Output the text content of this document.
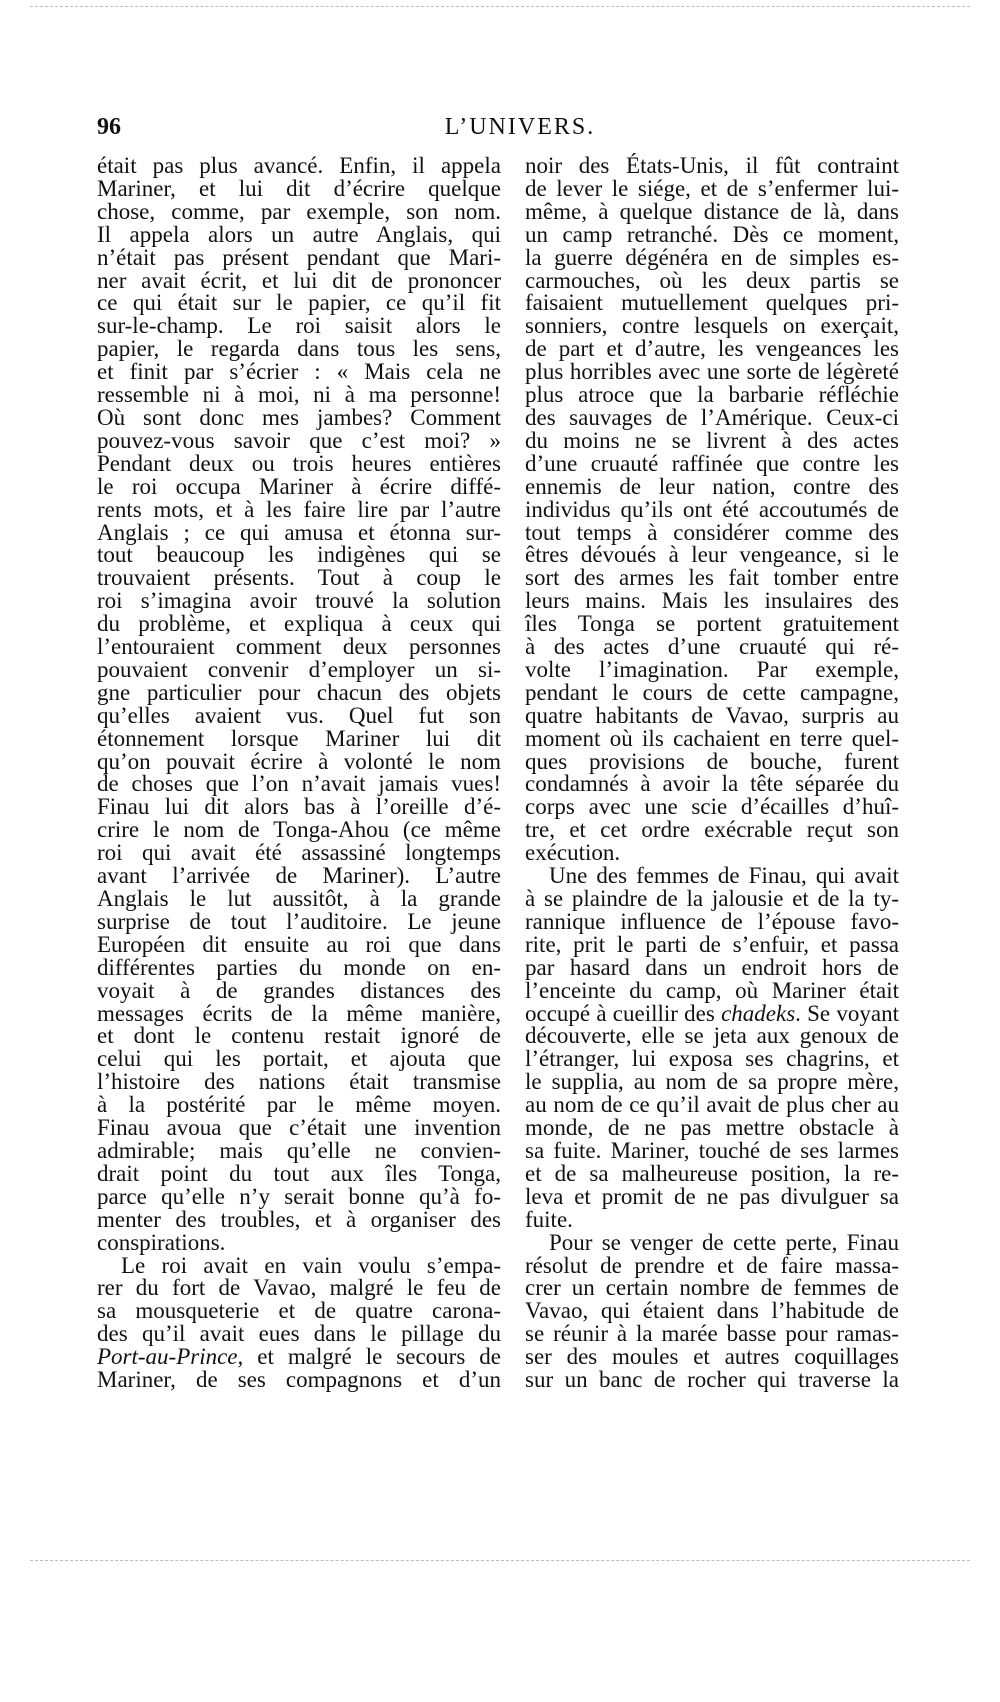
96	L’UNIVERS.
était pas plus avancé. Enfin, il appela
Mariner, et lui dit d’écrire quelque
chose, comme, par exemple, son nom.
Il appela alors un autre Anglais, qui
n’était pas présent pendant que Mari-
ner avait écrit, et lui dit de prononcer
ce qui était sur le papier, ce qu’il fit
sur-le-champ. Le roi saisit alors le
papier, le regarda dans tous les sens,
et finit par s’écrier : « Mais cela ne
ressemble ni à moi, ni à ma personne!
Où sont donc mes jambes? Comment
pouvez-vous savoir que c’est moi? »
Pendant deux ou trois heures entières
le roi occupa Mariner à écrire diffé-
rents mots, et à les faire lire par l’autre
Anglais ; ce qui amusa et étonna sur-
tout beaucoup les indigènes qui se
trouvaient présents. Tout à coup le
roi s’imagina avoir trouvé la solution
du problème, et expliqua à ceux qui
l’entouraient comment deux personnes
pouvaient convenir d’employer un si-
gne particulier pour chacun des objets
qu’elles avaient vus. Quel fut son
étonnement lorsque Mariner lui dit
qu’on pouvait écrire à volonté le nom
de choses que l’on n’avait jamais vues!
Finau lui dit alors bas à l’oreille d’é-
crire le nom de Tonga-Ahou (ce même
roi qui avait été assassiné longtemps
avant l’arrivée de Mariner). L’autre
Anglais le lut aussitôt, à la grande
surprise de tout l’auditoire. Le jeune
Européen dit ensuite au roi que dans
différentes parties du monde on en-
voyait à de grandes distances des
messages écrits de la même manière,
et dont le contenu restait ignoré de
celui qui les portait, et ajouta que
l’histoire des nations était transmise
à la postérité par le même moyen.
Finau avoua que c’était une invention
admirable; mais qu’elle ne convien-
drait point du tout aux îles Tonga,
parce qu’elle n’y serait bonne qu’à fo-
menter des troubles, et à organiser des
conspirations.
Le roi avait en vain voulu s’empa-
rer du fort de Vavao, malgré le feu de
sa mousqueterie et de quatre carona-
des qu’il avait eues dans le pillage du
Port-au-Prince, et malgré le secours de
Mariner, de ses compagnons et d’un
noir des États-Unis, il fût contraint
de lever le siége, et de s’enfermer lui-
même, à quelque distance de là, dans
un camp retranché. Dès ce moment,
la guerre dégénéra en de simples es-
carmouches, où les deux partis se
faisaient mutuellement quelques pri-
sonniers, contre lesquels on exerçait,
de part et d’autre, les vengeances les
plus horribles avec une sorte de légèreté
plus atroce que la barbarie réfléchie
des sauvages de l’Amérique. Ceux-ci
du moins ne se livrent à des actes
d’une cruauté raffinée que contre les
ennemis de leur nation, contre des
individus qu’ils ont été accoutumés de
tout temps à considérer comme des
êtres dévoués à leur vengeance, si le
sort des armes les fait tomber entre
leurs mains. Mais les insulaires des
îles Tonga se portent gratuitement
à des actes d’une cruauté qui ré-
volte l’imagination. Par exemple,
pendant le cours de cette campagne,
quatre habitants de Vavao, surpris au
moment où ils cachaient en terre quel-
ques provisions de bouche, furent
condamnés à avoir la tête séparée du
corps avec une scie d’écailles d’huî-
tre, et cet ordre exécrable reçut son
exécution.
Une des femmes de Finau, qui avait
à se plaindre de la jalousie et de la ty-
rannique influence de l’épouse favo-
rite, prit le parti de s’enfuir, et passa
par hasard dans un endroit hors de
l’enceinte du camp, où Mariner était
occupé à cueillir des chadeks. Se voyant
découverte, elle se jeta aux genoux de
l’étranger, lui exposa ses chagrins, et
le supplia, au nom de sa propre mère,
au nom de ce qu’il avait de plus cher au
monde, de ne pas mettre obstacle à
sa fuite. Mariner, touché de ses larmes
et de sa malheureuse position, la re-
leva et promit de ne pas divulguer sa
fuite.
Pour se venger de cette perte, Finau
résolut de prendre et de faire massa-
crer un certain nombre de femmes de
Vavao, qui étaient dans l’habitude de
se réunir à la marée basse pour ramas-
ser des moules et autres coquillages
sur un banc de rocher qui traverse la
